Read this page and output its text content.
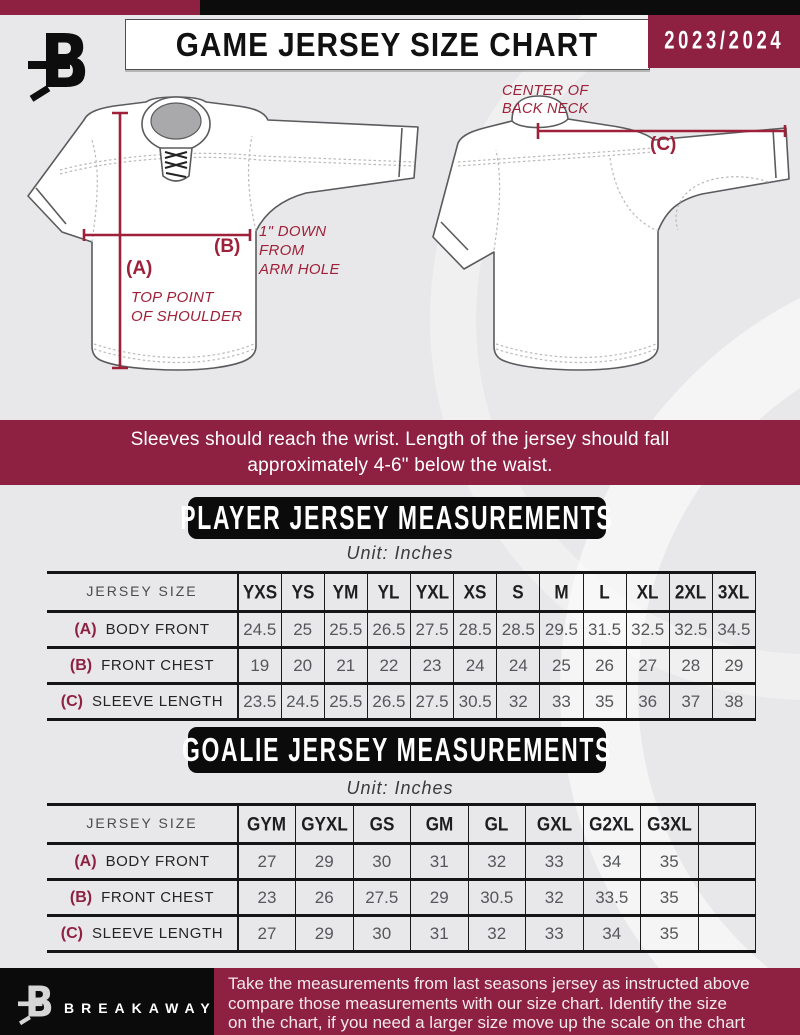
B	GAME JERSEY SIZE CHART	2023/2024
(A)
TOP POINT
OF SHOULDER
(B)
1" DOWN
FROM
ARM HOLE
CENTER OF
BACK NECK
(C)
Sleeves should reach the wrist. Length of the jersey should fall
approximately 4-6" below the waist.
PLAYER JERSEY MEASUREMENTS
Unit: Inches
JERSEY SIZE	YXS	YS	YM	YL	YXL	XS	S	M	L	XL	2XL	3XL

(A) BODY FRONT	24.5	25	25.5	26.5	27.5	28.5	28.5	29.5	31.5	32.5	32.5	34.5

(B) FRONT CHEST	19	20	21	22	23	24	24	25	26	27	28	29

(C) SLEEVE LENGTH	23.5	24.5	25.5	26.5	27.5	30.5	32	33	35	36	37	38
GOALIE JERSEY MEASUREMENTS
Unit: Inches
JERSEY SIZE	GYM	GYXL	GS	GM	GL	GXL	G2XL	G3XL	

(A) BODY FRONT	27	29	30	31	32	33	34	35	

(B) FRONT CHEST	23	26	27.5	29	30.5	32	33.5	35	

(C) SLEEVE LENGTH	27	29	30	31	32	33	34	35	
B BREAKAWAY
Take the measurements from last seasons jersey as instructed above
compare those measurements with our size chart. Identify the size
on the chart, if you need a larger size move up the scale on the chart
